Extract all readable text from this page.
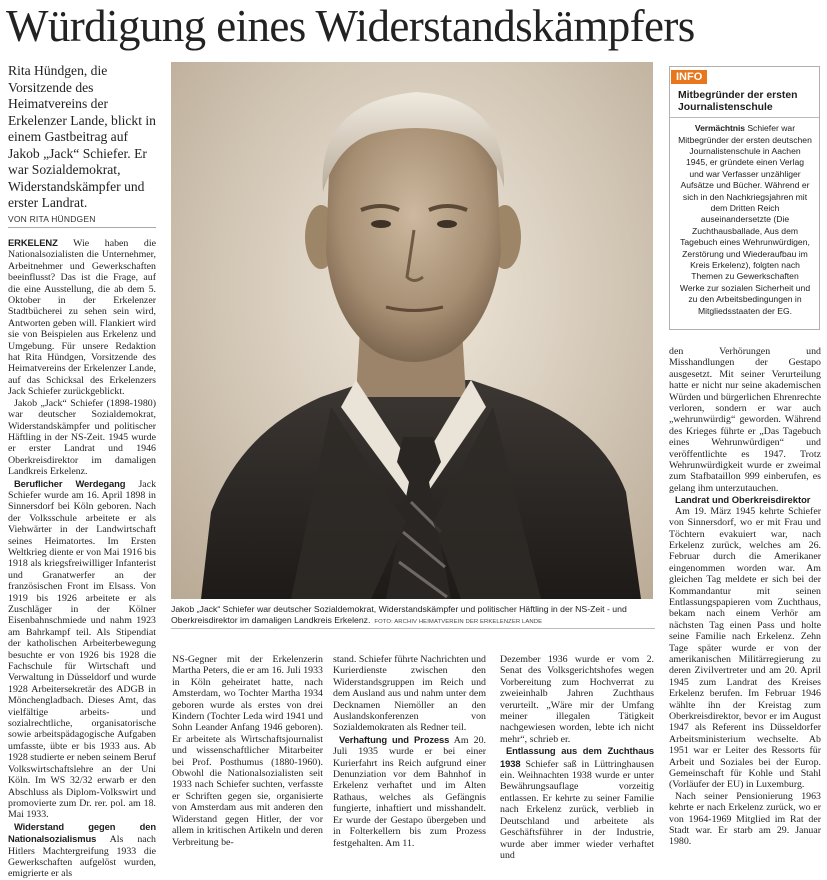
Würdigung eines Widerstandskämpfers
Rita Hündgen, die Vorsitzende des Heimatvereins der Erkelenzer Lande, blickt in einem Gastbeitrag auf Jakob „Jack“ Schiefer. Er war Sozialdemokrat, Widerstandskämpfer und erster Landrat.
VON RITA HÜNDGEN

ERKELENZ Wie haben die Nationalsozialisten die Unternehmer, Arbeitnehmer und Gewerkschaften beeinflusst? Das ist die Frage, auf die eine Ausstellung, die ab dem 5. Oktober in der Erkelenzer Stadtbücherei zu sehen sein wird, Antworten geben will. Flankiert wird sie von Beispielen aus Erkelenz und Umgebung. Für unsere Redaktion hat Rita Hündgen, Vorsitzende des Heimatvereins der Erkelenzer Lande, auf das Schicksal des Erkelenzers Jack Schiefer zurückgeblickt.

Jakob „Jack“ Schiefer (1898-1980) war deutscher Sozialdemokrat, Widerstandskämpfer und politischer Häftling in der NS-Zeit. 1945 wurde er erster Landrat und 1946 Oberkreisdirektor im damaligen Landkreis Erkelenz.

Beruflicher Werdegang Jack Schiefer wurde am 16. April 1898 in Sinnersdorf bei Köln geboren. Nach der Volksschule arbeitete er als Viehwärter in der Landwirtschaft seines Heimatortes. Im Ersten Weltkrieg diente er von Mai 1916 bis 1918 als kriegsfreiwilliger Infanterist und Granatwerfer an der französischen Front im Elsass. Von 1919 bis 1926 arbeitete er als Zuschläger in der Kölner Eisenbahnschmiede und nahm 1923 am Bahrkampf teil. Als Stipendiat der katholischen Arbeiterbewegung besuchte er von 1926 bis 1928 die Fachschule für Wirtschaft und Verwaltung in Düsseldorf und wurde 1928 Arbeitersekretär des ADGB in Mönchengladbach. Dieses Amt, das vielfältige arbeits- und sozialrechtliche, organisatorische sowie arbeitspädagogische Aufgaben umfasste, übte er bis 1933 aus. Ab 1928 studierte er neben seinem Beruf Volkswirtschaftslehre an der Uni Köln. Im WS 32/32 erwarb er den Abschluss als Diplom-Volkswirt und promovierte zum Dr. rer. pol. am 18. Mai 1933.

Widerstand gegen den Nationalsozialismus Als nach Hitlers Machtergreifung 1933 die Gewerkschaften aufgelöst wurden, emigrierte er als

Jakob „Jack“ Schiefer war deutscher Sozialdemokrat, Widerstandskämpfer und politischer Häftling in der NS-Zeit - und Oberkreisdirektor im damaligen Landkreis Erkelenz. FOTO: ARCHIV HEIMATVEREIN DER ERKELENZER LANDE
INFO
Mitbegründer der ersten Journalistenschule
Vermächtnis Schiefer war Mitbegründer der ersten deutschen Journalistenschule in Aachen 1945, er gründete einen Verlag und war Verfasser unzähliger Aufsätze und Bücher. Während er sich in den Nachkriegsjahren mit dem Dritten Reich auseinandersetzte (Die Zuchthausballade, Aus dem Tagebuch eines Wehrunwürdigen, Zerstörung und Wiederaufbau im Kreis Erkelenz), folgten nach Themen zu Gewerkschaften Werke zur sozialen Sicherheit und zu den Arbeitsbedingungen in Mitgliedsstaaten der EG.

NS-Gegner mit der Erkelenzerin Martha Peters, die er am 16. Juli 1933 in Köln geheiratet hatte, nach Amsterdam, wo Tochter Martha 1934 geboren wurde als erstes von drei Kindern (Tochter Leda wird 1941 und Sohn Leander Anfang 1946 geboren). Er arbeitete als Wirtschaftsjournalist und wissenschaftlicher Mitarbeiter bei Prof. Posthumus (1880-1960). Obwohl die Nationalsozialisten seit 1933 nach Schiefer suchten, verfasste er Schriften gegen sie, organisierte von Amsterdam aus mit anderen den Widerstand gegen Hitler, der vor allem in kritischen Artikeln und deren Verbreitung be-

stand. Schiefer führte Nachrichten und Kurierdienste zwischen den Widerstandsgruppen im Reich und dem Ausland aus und nahm unter dem Decknamen Niemöller an den Auslandskonferenzen von Sozialdemokraten als Redner teil.

Verhaftung und Prozess Am 20. Juli 1935 wurde er bei einer Kurierfahrt ins Reich aufgrund einer Denunziation vor dem Bahnhof in Erkelenz verhaftet und im Alten Rathaus, welches als Gefängnis fungierte, inhaftiert und misshandelt. Er wurde der Gestapo übergeben und in Folterkellern bis zum Prozess festgehalten. Am 11.

Dezember 1936 wurde er vom 2. Senat des Volksgerichtshofes wegen Vorbereitung zum Hochverrat zu zweieinhalb Jahren Zuchthaus verurteilt. „Wäre mir der Umfang meiner illegalen Tätigkeit nachgewiesen worden, lebte ich nicht mehr“, schrieb er.

Entlassung aus dem Zuchthaus 1938 Schiefer saß in Lüttringhausen ein. Weihnachten 1938 wurde er unter Bewährungsauflage vorzeitig entlassen. Er kehrte zu seiner Familie nach Erkelenz zurück, verblieb in Deutschland und arbeitete als Geschäftsführer in der Industrie, wurde aber immer wieder verhaftet und

den Verhörungen und Misshandlungen der Gestapo ausgesetzt. Mit seiner Verurteilung hatte er nicht nur seine akademischen Würden und bürgerlichen Ehrenrechte verloren, sondern er war auch „wehrunwürdig“ geworden. Während des Krieges führte er „Das Tagebuch eines Wehrunwürdigen“ und veröffentlichte es 1947. Trotz Wehrunwürdigkeit wurde er zweimal zum Stafbataillon 999 einberufen, es gelang ihm unterzutauchen.

Landrat und Oberkreisdirektor

Am 19. März 1945 kehrte Schiefer von Sinnersdorf, wo er mit Frau und Töchtern evakuiert war, nach Erkelenz zurück, welches am 26. Februar durch die Amerikaner eingenommen worden war. Am gleichen Tag meldete er sich bei der Kommandantur mit seinen Entlassungspapieren vom Zuchthaus, bekam nach einem Verhör am nächsten Tag einen Pass und holte seine Familie nach Erkelenz. Zehn Tage später wurde er von der amerikanischen Militärregierung zu deren Zivilvertreter und am 20. April 1945 zum Landrat des Kreises Erkelenz berufen. Im Februar 1946 wählte ihn der Kreistag zum Oberkreisdirektor, bevor er im August 1947 als Referent ins Düsseldorfer Arbeitsministerium wechselte. Ab 1951 war er Leiter des Ressorts für Arbeit und Soziales bei der Europ. Gemeinschaft für Kohle und Stahl (Vorläufer der EU) in Luxemburg.

Nach seiner Pensionierung 1963 kehrte er nach Erkelenz zurück, wo er von 1964-1969 Mitglied im Rat der Stadt war. Er starb am 29. Januar 1980.
